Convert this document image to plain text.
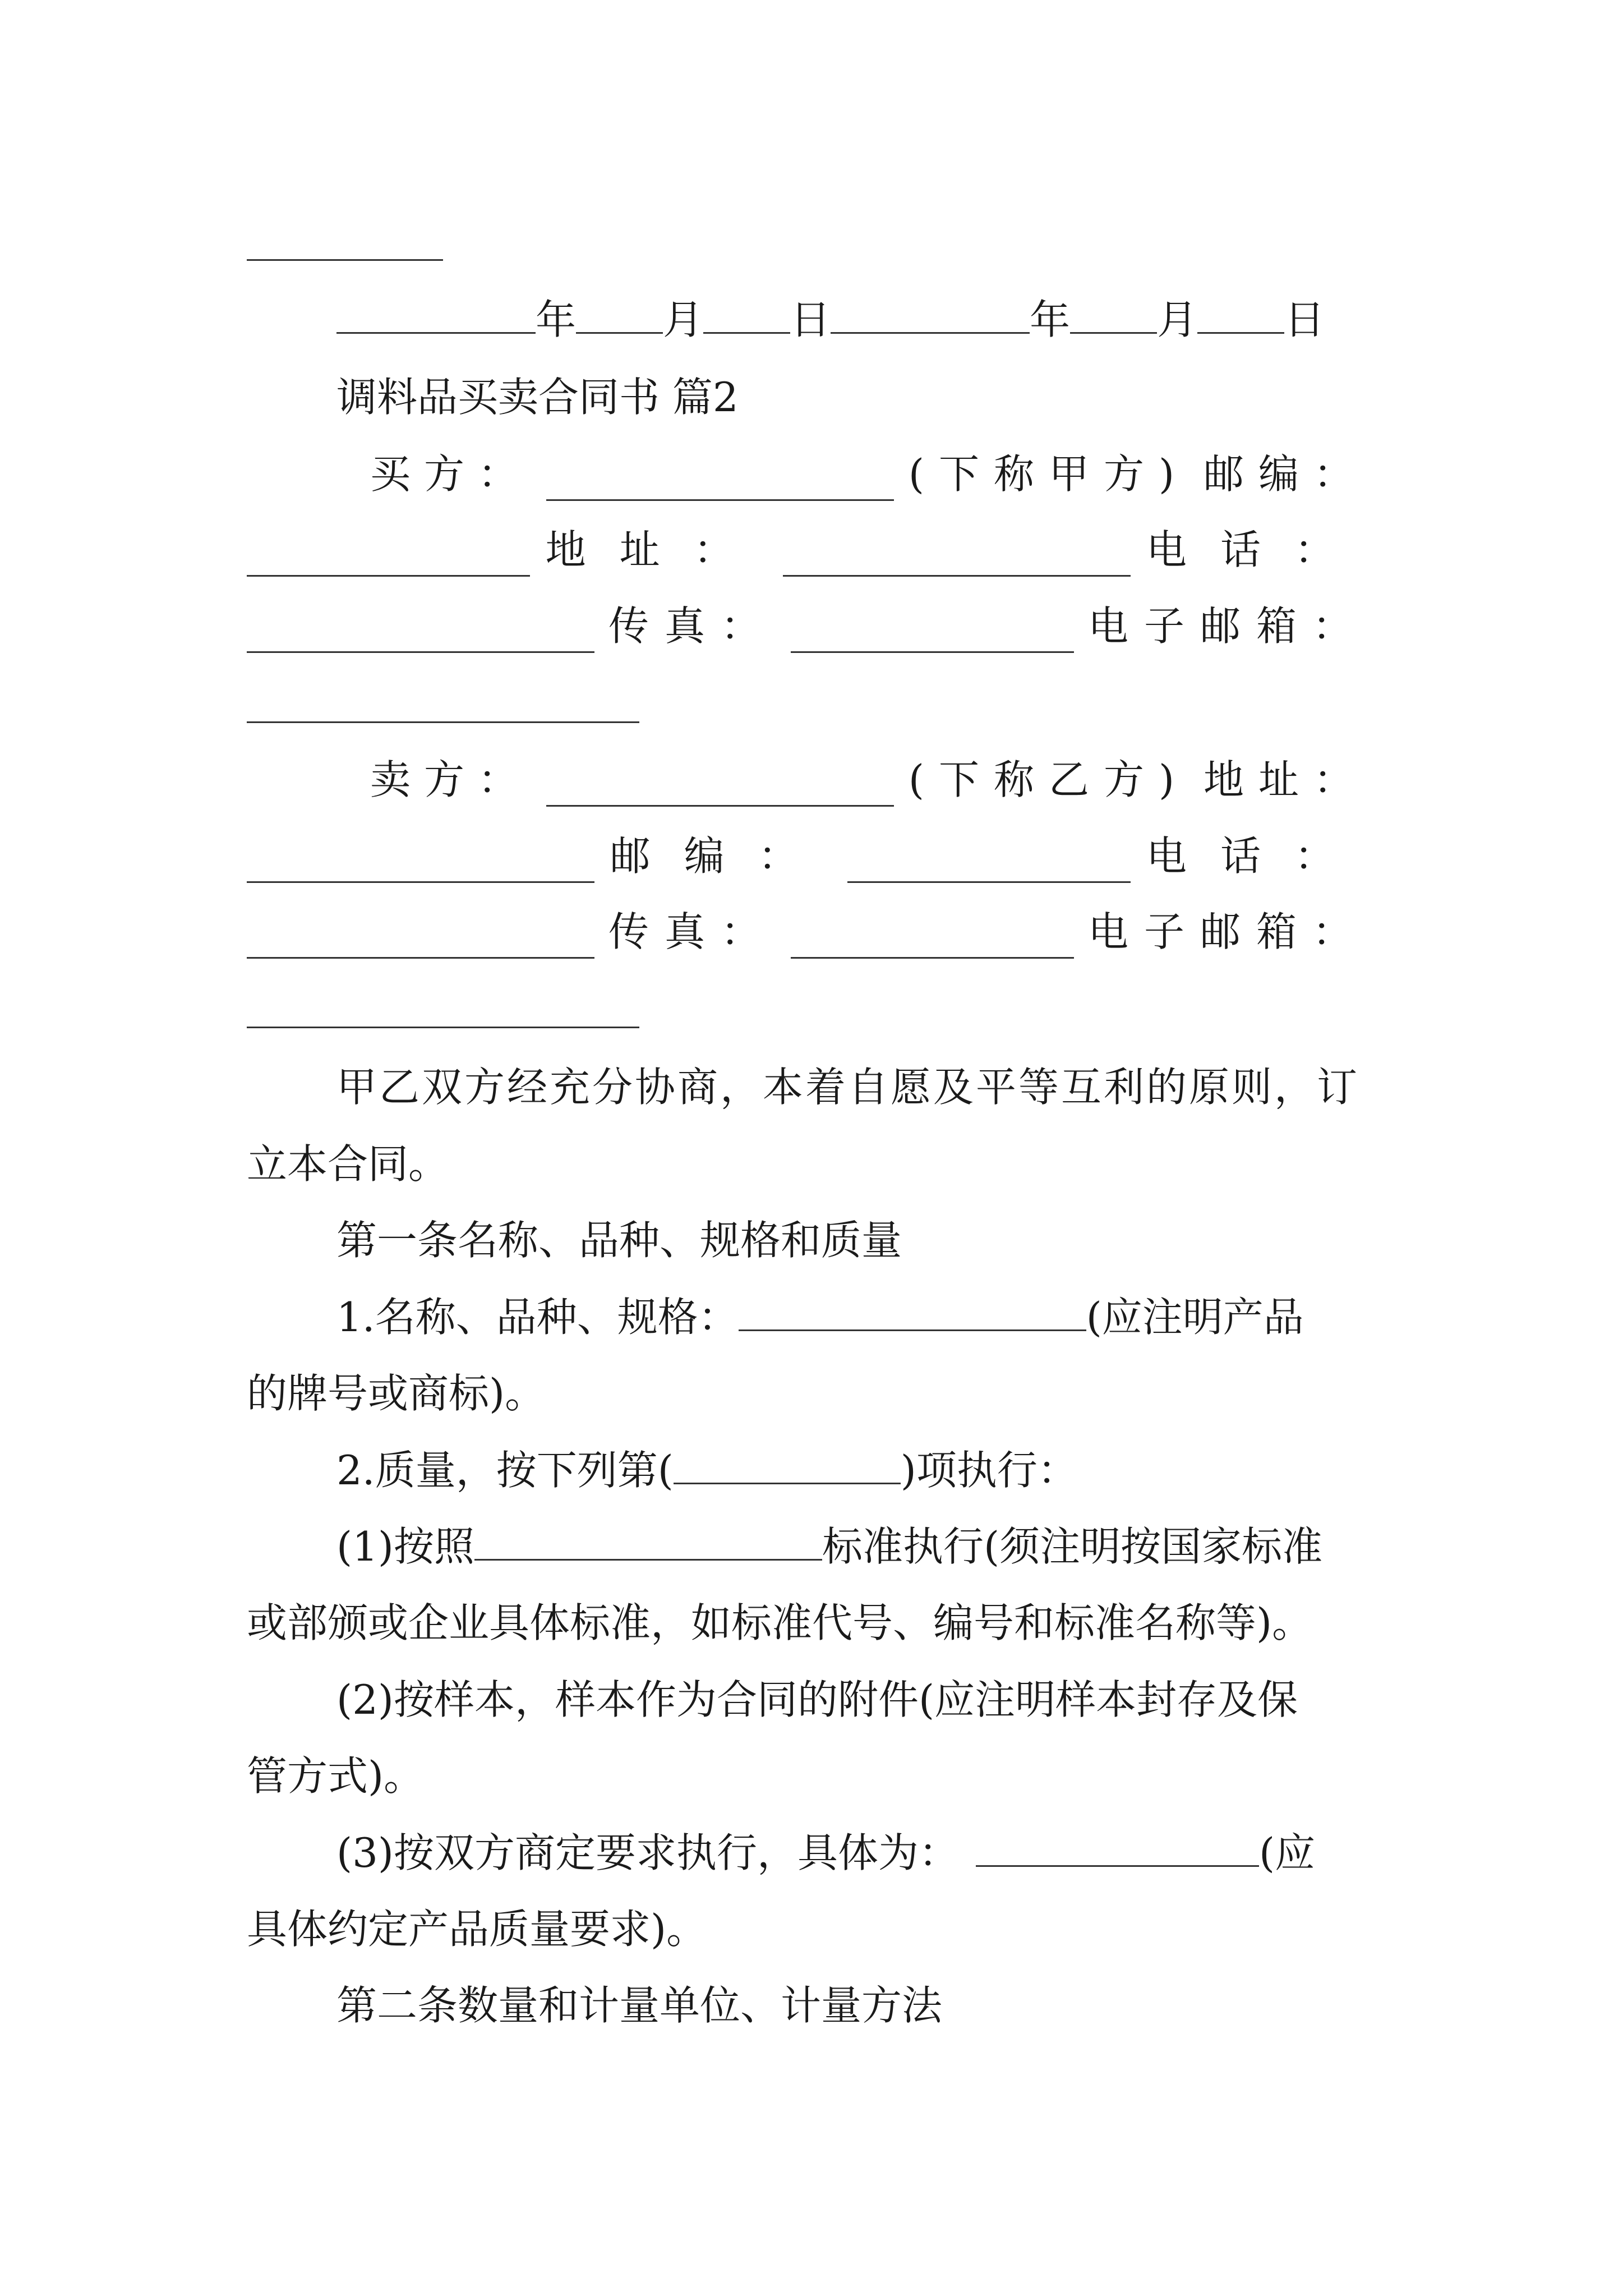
年 月 日	年 月 日
调料品买卖合同书 篇2
买方：	(下称甲方) 邮编：
地址：	电话：
传真：	电子邮箱：
卖方：	(下称乙方) 地址：
邮编：	电话：
传真：	电子邮箱：
甲乙双方经充分协商，本着自愿及平等互利的原则，订
立本合同。
第一条名称、品种、规格和质量
1.名称、品种、规格：	(应注明产品
的牌号或商标)。
2.质量，按下列第(	)项执行：
(1)按照	标准执行(须注明按国家标准
或部颁或企业具体标准，如标准代号、编号和标准名称等)。
(2)按样本，样本作为合同的附件(应注明样本封存及保
管方式)。
(3)按双方商定要求执行，具体为：	(应
具体约定产品质量要求)。
第二条数量和计量单位、计量方法
